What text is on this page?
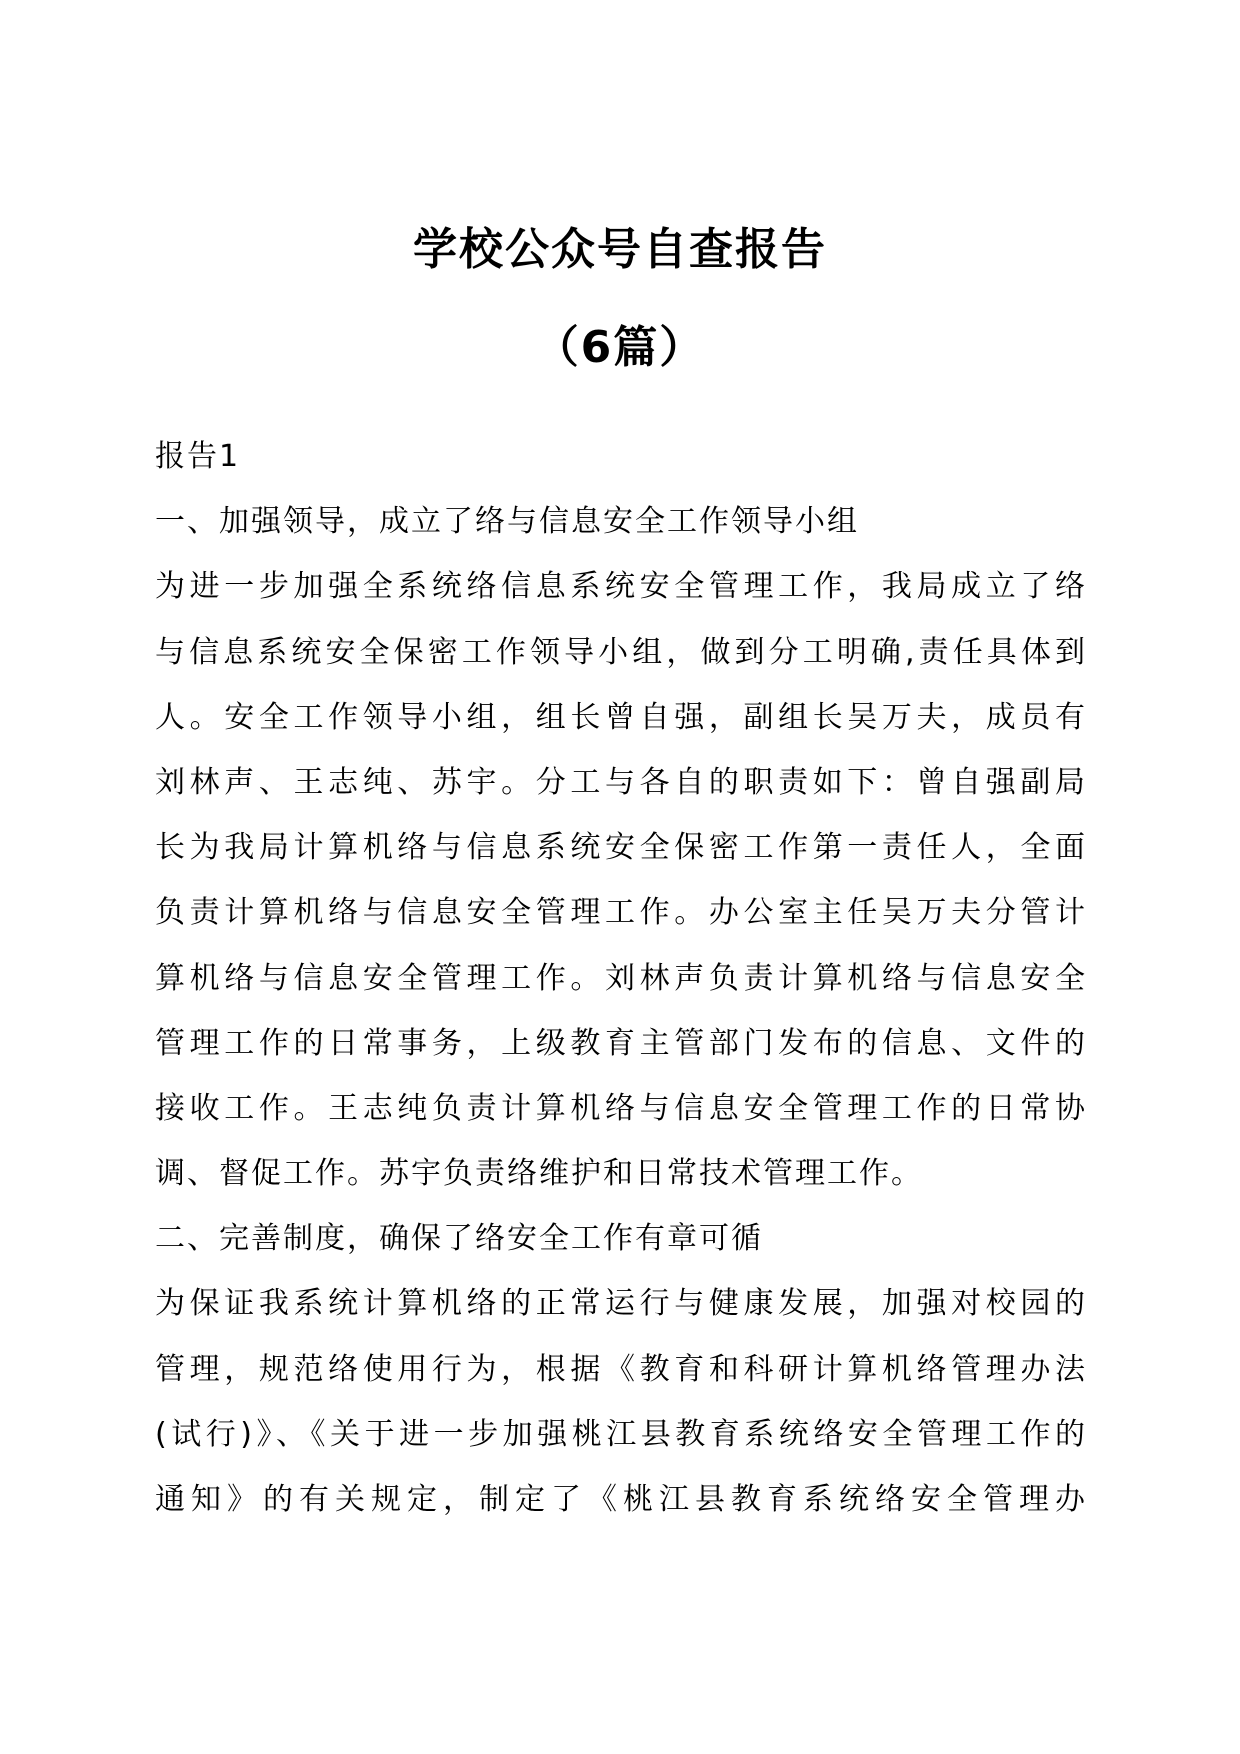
学校公众号自查报告
（6篇）
报告1
一、加强领导，成立了络与信息安全工作领导小组
为进一步加强全系统络信息系统安全管理工作，我局成立了络
与信息系统安全保密工作领导小组，做到分工明确,责任具体到
人。安全工作领导小组，组长曾自强，副组长吴万夫，成员有
刘林声、王志纯、苏宇。分工与各自的职责如下：曾自强副局
长为我局计算机络与信息系统安全保密工作第一责任人，全面
负责计算机络与信息安全管理工作。办公室主任吴万夫分管计
算机络与信息安全管理工作。刘林声负责计算机络与信息安全
管理工作的日常事务，上级教育主管部门发布的信息、文件的
接收工作。王志纯负责计算机络与信息安全管理工作的日常协
调、督促工作。苏宇负责络维护和日常技术管理工作。
二、完善制度，确保了络安全工作有章可循
为保证我系统计算机络的正常运行与健康发展，加强对校园的
管理，规范络使用行为，根据《教育和科研计算机络管理办法
(试行)》、《关于进一步加强桃江县教育系统络安全管理工作的
通知》的有关规定，制定了《桃江县教育系统络安全管理办
